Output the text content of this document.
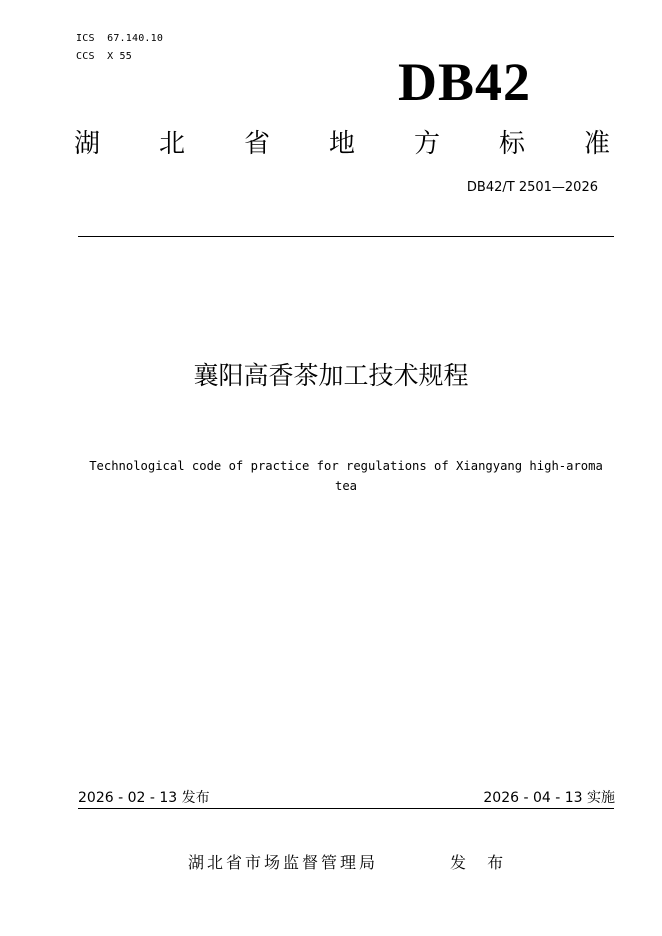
ICS  67.140.10
CCS  X 55	DB42
湖 北 省 地 方 标 准
DB42/T 2501—2026
襄阳高香茶加工技术规程
Technological code of practice for regulations of Xiangyang high-aroma tea
2026 - 02 - 13 发布	2026 - 04 - 13 实施
湖北省市场监督管理局	发 布
